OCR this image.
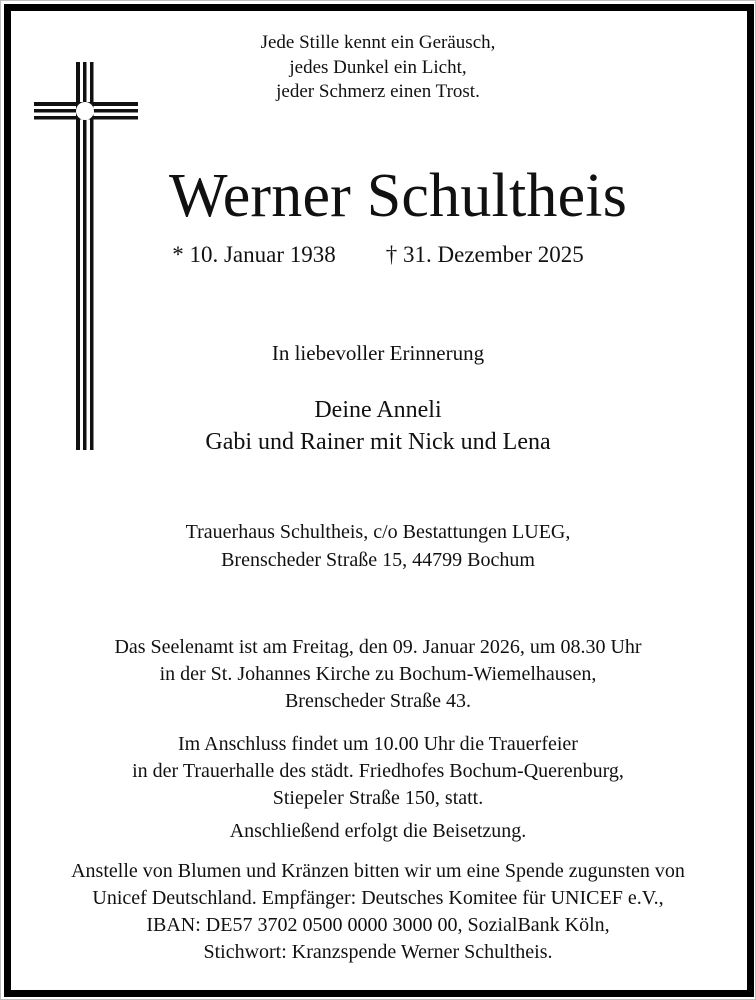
Jede Stille kennt ein Geräusch,
jedes Dunkel ein Licht,
jeder Schmerz einen Trost.
Werner Schultheis
* 10. Januar 1938 † 31. Dezember 2025
In liebevoller Erinnerung
Deine Anneli
Gabi und Rainer mit Nick und Lena
Trauerhaus Schultheis, c/o Bestattungen LUEG,
Brenscheder Straße 15, 44799 Bochum
Das Seelenamt ist am Freitag, den 09. Januar 2026, um 08.30 Uhr
in der St. Johannes Kirche zu Bochum-Wiemelhausen,
Brenscheder Straße 43.
Im Anschluss findet um 10.00 Uhr die Trauerfeier
in der Trauerhalle des städt. Friedhofes Bochum-Querenburg,
Stiepeler Straße 150, statt.
Anschließend erfolgt die Beisetzung.
Anstelle von Blumen und Kränzen bitten wir um eine Spende zugunsten von
Unicef Deutschland. Empfänger: Deutsches Komitee für UNICEF e.V.,
IBAN: DE57 3702 0500 0000 3000 00, SozialBank Köln,
Stichwort: Kranzspende Werner Schultheis.
